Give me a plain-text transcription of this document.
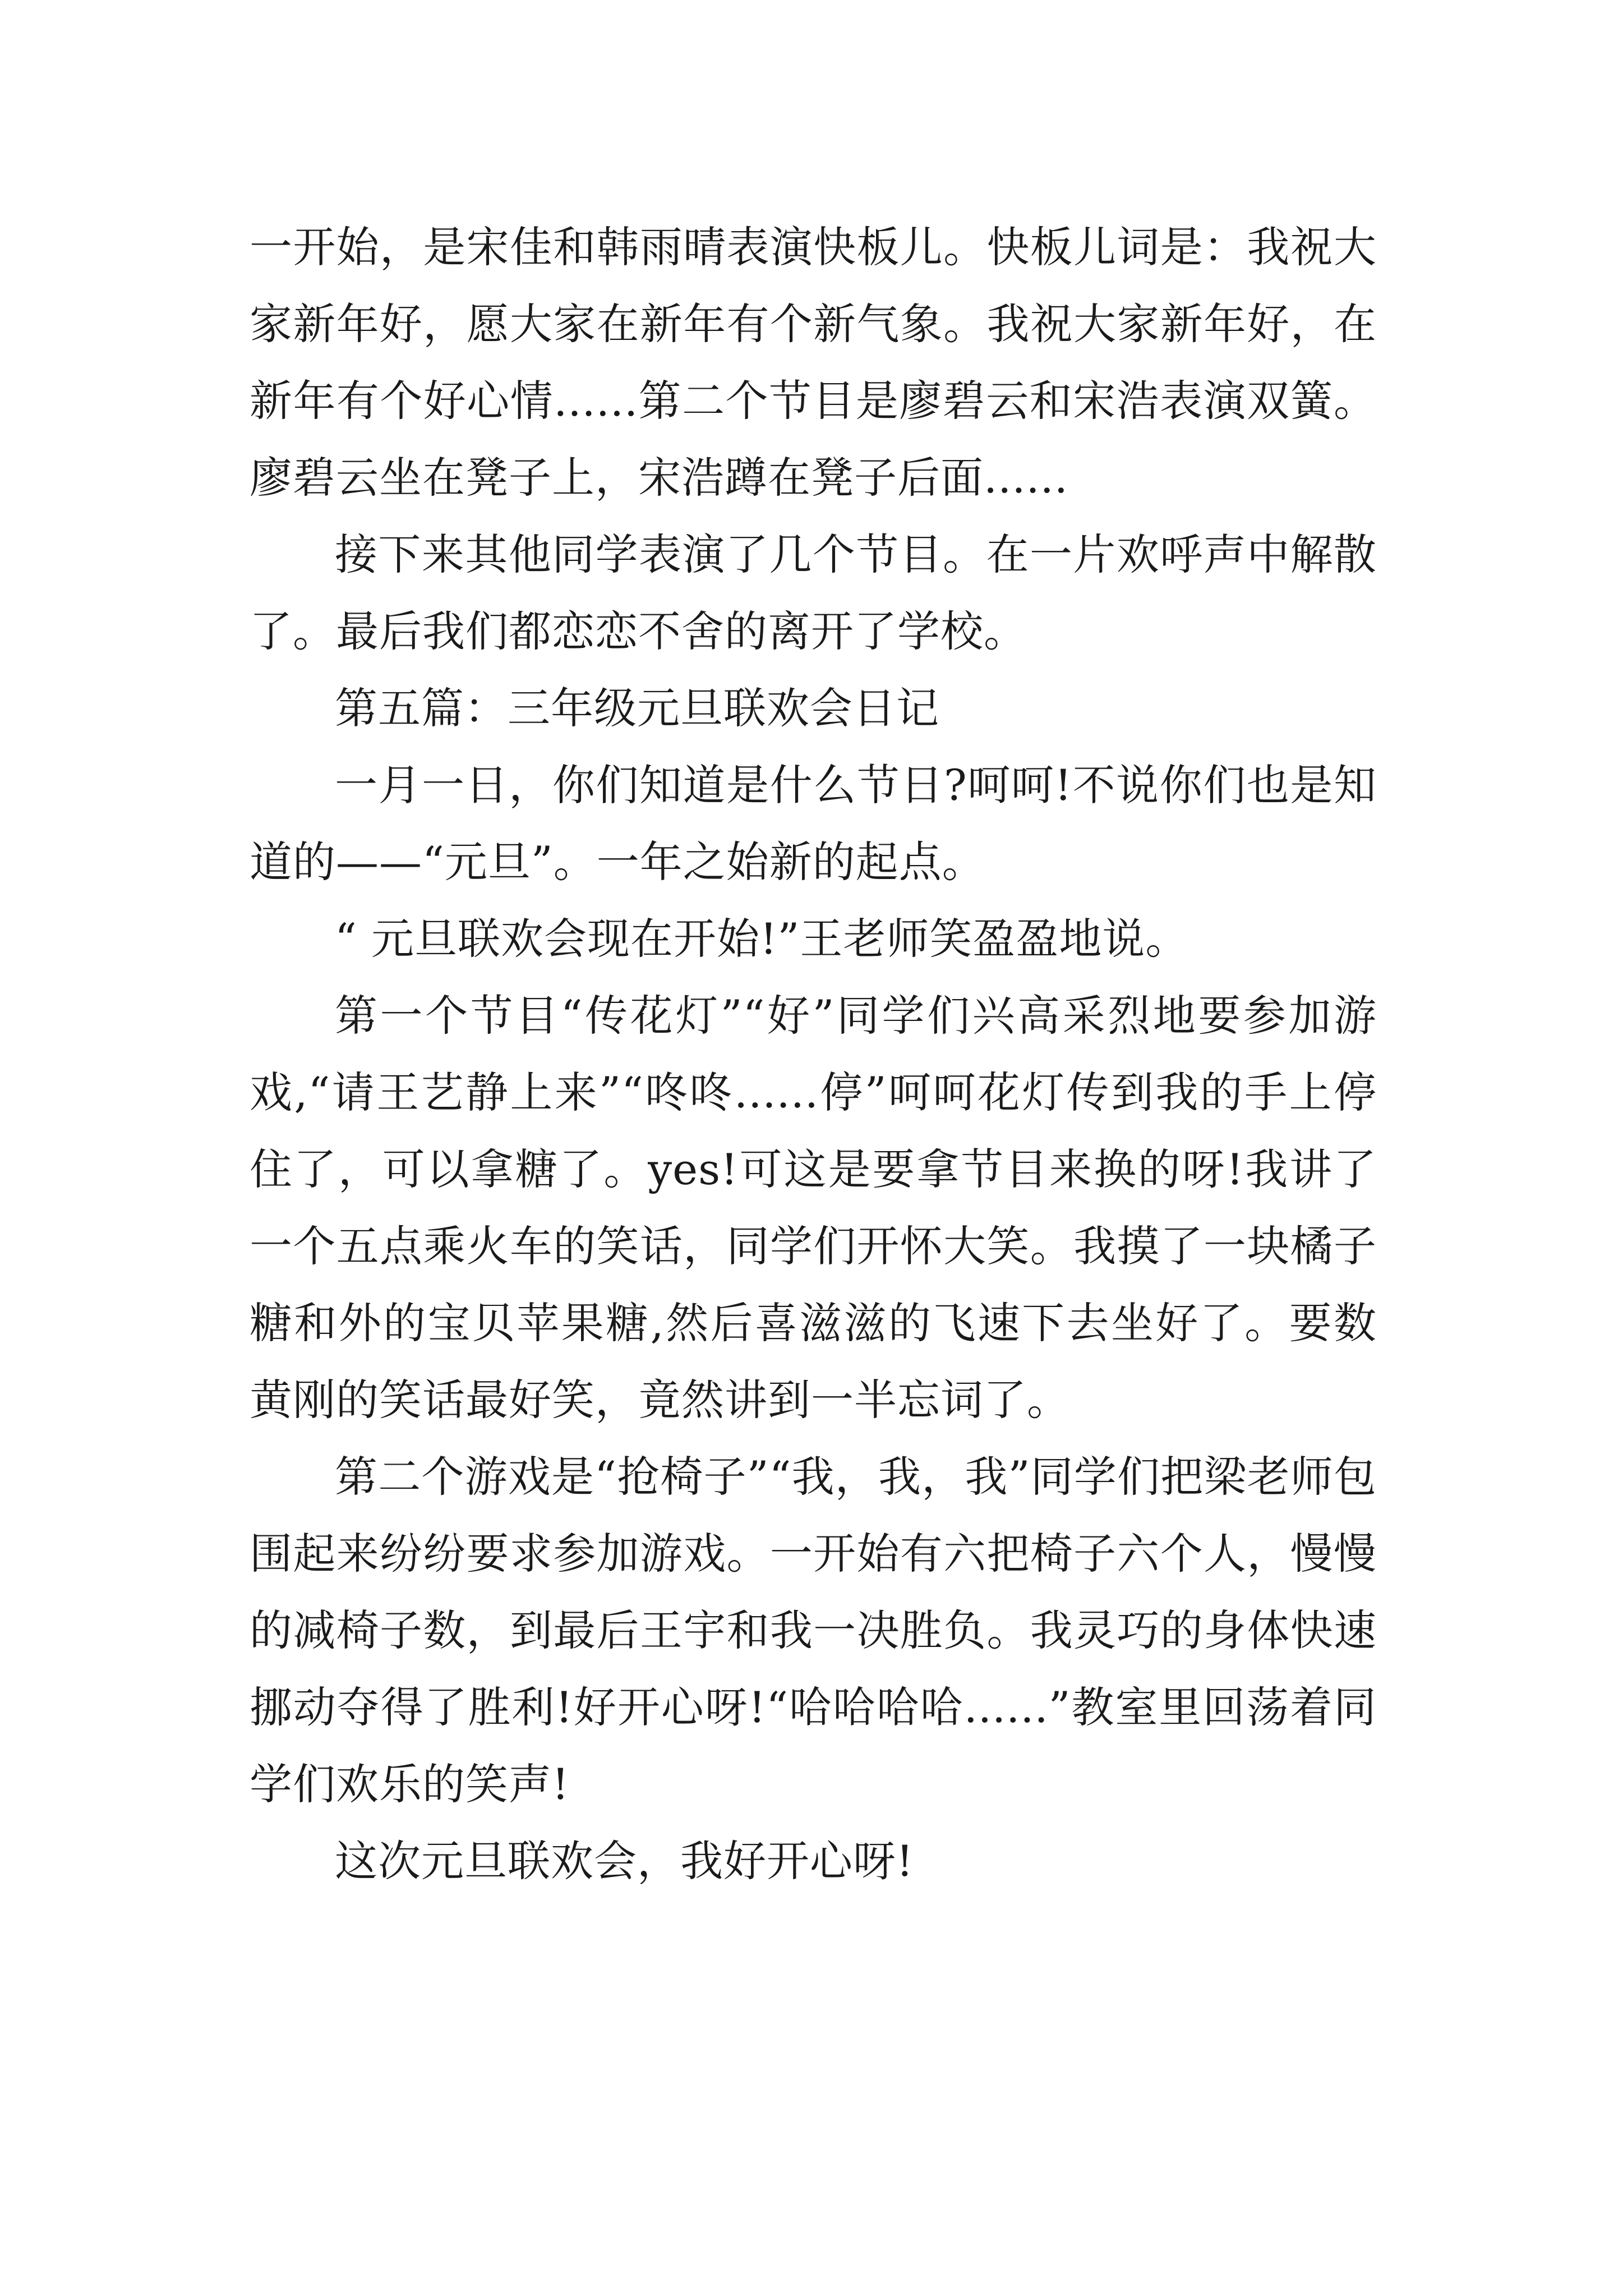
一开始，是宋佳和韩雨晴表演快板儿。快板儿词是：我祝大家新年好，愿大家在新年有个新气象。我祝大家新年好，在新年有个好心情......第二个节目是廖碧云和宋浩表演双簧。廖碧云坐在凳子上，宋浩蹲在凳子后面......

接下来其他同学表演了几个节目。在一片欢呼声中解散了。最后我们都恋恋不舍的离开了学校。

第五篇：三年级元旦联欢会日记

一月一日，你们知道是什么节日?呵呵!不说你们也是知道的——“元旦”。一年之始新的起点。

“ 元旦联欢会现在开始!”王老师笑盈盈地说。

第一个节目“传花灯”“好”同学们兴高采烈地要参加游戏,“请王艺静上来”“咚咚......停”呵呵花灯传到我的手上停住了，可以拿糖了。yes!可这是要拿节目来换的呀!我讲了一个五点乘火车的笑话，同学们开怀大笑。我摸了一块橘子糖和外的宝贝苹果糖,然后喜滋滋的飞速下去坐好了。要数黄刚的笑话最好笑，竟然讲到一半忘词了。

第二个游戏是“抢椅子”“我，我，我”同学们把梁老师包围起来纷纷要求参加游戏。一开始有六把椅子六个人，慢慢的减椅子数，到最后王宇和我一决胜负。我灵巧的身体快速挪动夺得了胜利!好开心呀!“哈哈哈哈......”教室里回荡着同学们欢乐的笑声!

这次元旦联欢会，我好开心呀!
